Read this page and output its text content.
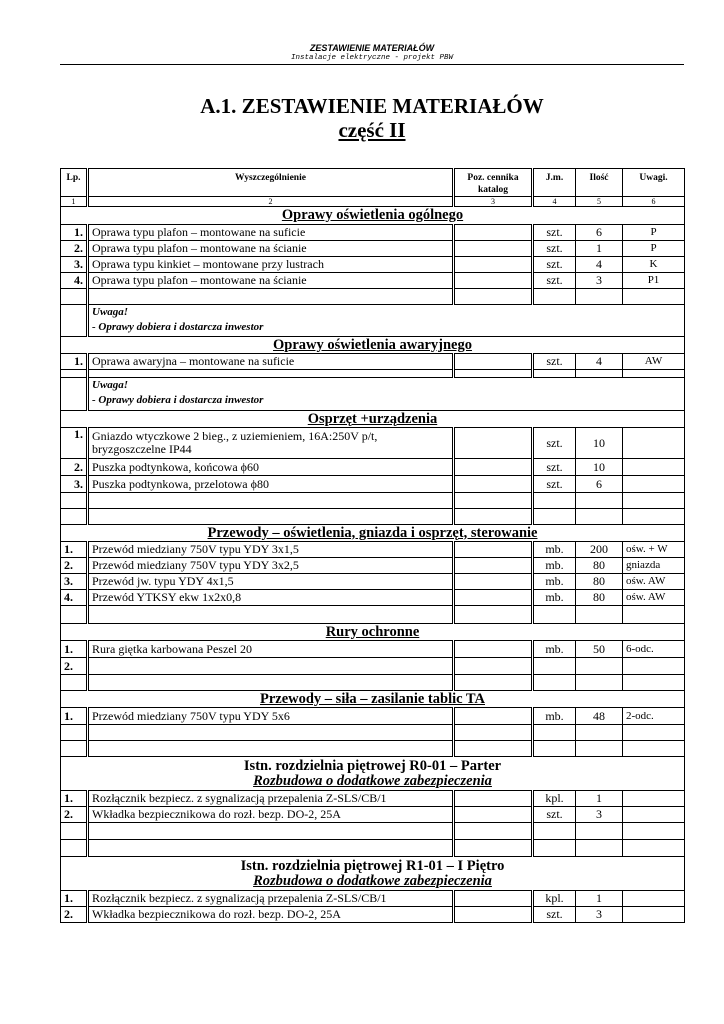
ZESTAWIENIE MATERIAŁÓW
Instalacje elektryczne - projekt PBW
A.1. ZESTAWIENIE MATERIAŁÓW
część II
Lp.	Wyszczególnienie	Poz. cennika katalog	J.m.	Ilość	Uwagi.
1	2	3	4	5	6
Oprawy oświetlenia ogólnego					
1.	Oprawa typu plafon – montowane na suficie		szt.	6	P
2.	Oprawa typu plafon – montowane na ścianie		szt.	1	P
3.	Oprawa typu kinkiet – montowane przy lustrach		szt.	4	K
4.	Oprawa typu plafon – montowane na ścianie		szt.	3	P1

	Uwaga!
- Oprawy dobiera i dostarcza inwestor				

Oprawy oświetlenia awaryjnego					
1.	Oprawa awaryjna – montowane na suficie		szt.	4	AW

	Uwaga!
- Oprawy dobiera i dostarcza inwestor				

Osprzęt +urządzenia					
1.	Gniazdo wtyczkowe 2 bieg., z uziemieniem, 16A:250V p/t, bryzgoszczelne IP44		szt.	10	
2.	Puszka podtynkowa, końcowa ϕ60		szt.	10	
3.	Puszka podtynkowa, przelotowa ϕ80		szt.	6	

Przewody – oświetlenia, gniazda i osprzęt, sterowanie					
1.	Przewód miedziany 750V typu YDY 3x1,5		mb.	200	ośw. + W
2.	Przewód miedziany 750V typu YDY 3x2,5		mb.	80	gniazda
3.	Przewód jw. typu YDY 4x1,5		mb.	80	ośw. AW
4.	Przewód YTKSY ekw 1x2x0,8		mb.	80	ośw. AW

Rury ochronne					
1.	Rura giętka karbowana Peszel 20		mb.	50	6-odc.
2.					

Przewody – siła – zasilanie tablic TA					
1.	Przewód miedziany 750V typu YDY 5x6		mb.	48	2-odc.

Istn. rozdzielnia piętrowej R0-01 – Parter
Rozbudowa o dodatkowe zabezpieczenia					

1.	Rozłącznik bezpiecz. z sygnalizacją przepalenia Z-SLS/CB/1		kpl.	1	
2.	Wkładka bezpiecznikowa do rozł. bezp. DO-2, 25A		szt.	3	

Istn. rozdzielnia piętrowej R1-01 – I Piętro
Rozbudowa o dodatkowe zabezpieczenia					

1.	Rozłącznik bezpiecz. z sygnalizacją przepalenia Z-SLS/CB/1		kpl.	1	
2.	Wkładka bezpiecznikowa do rozł. bezp. DO-2, 25A		szt.	3	
